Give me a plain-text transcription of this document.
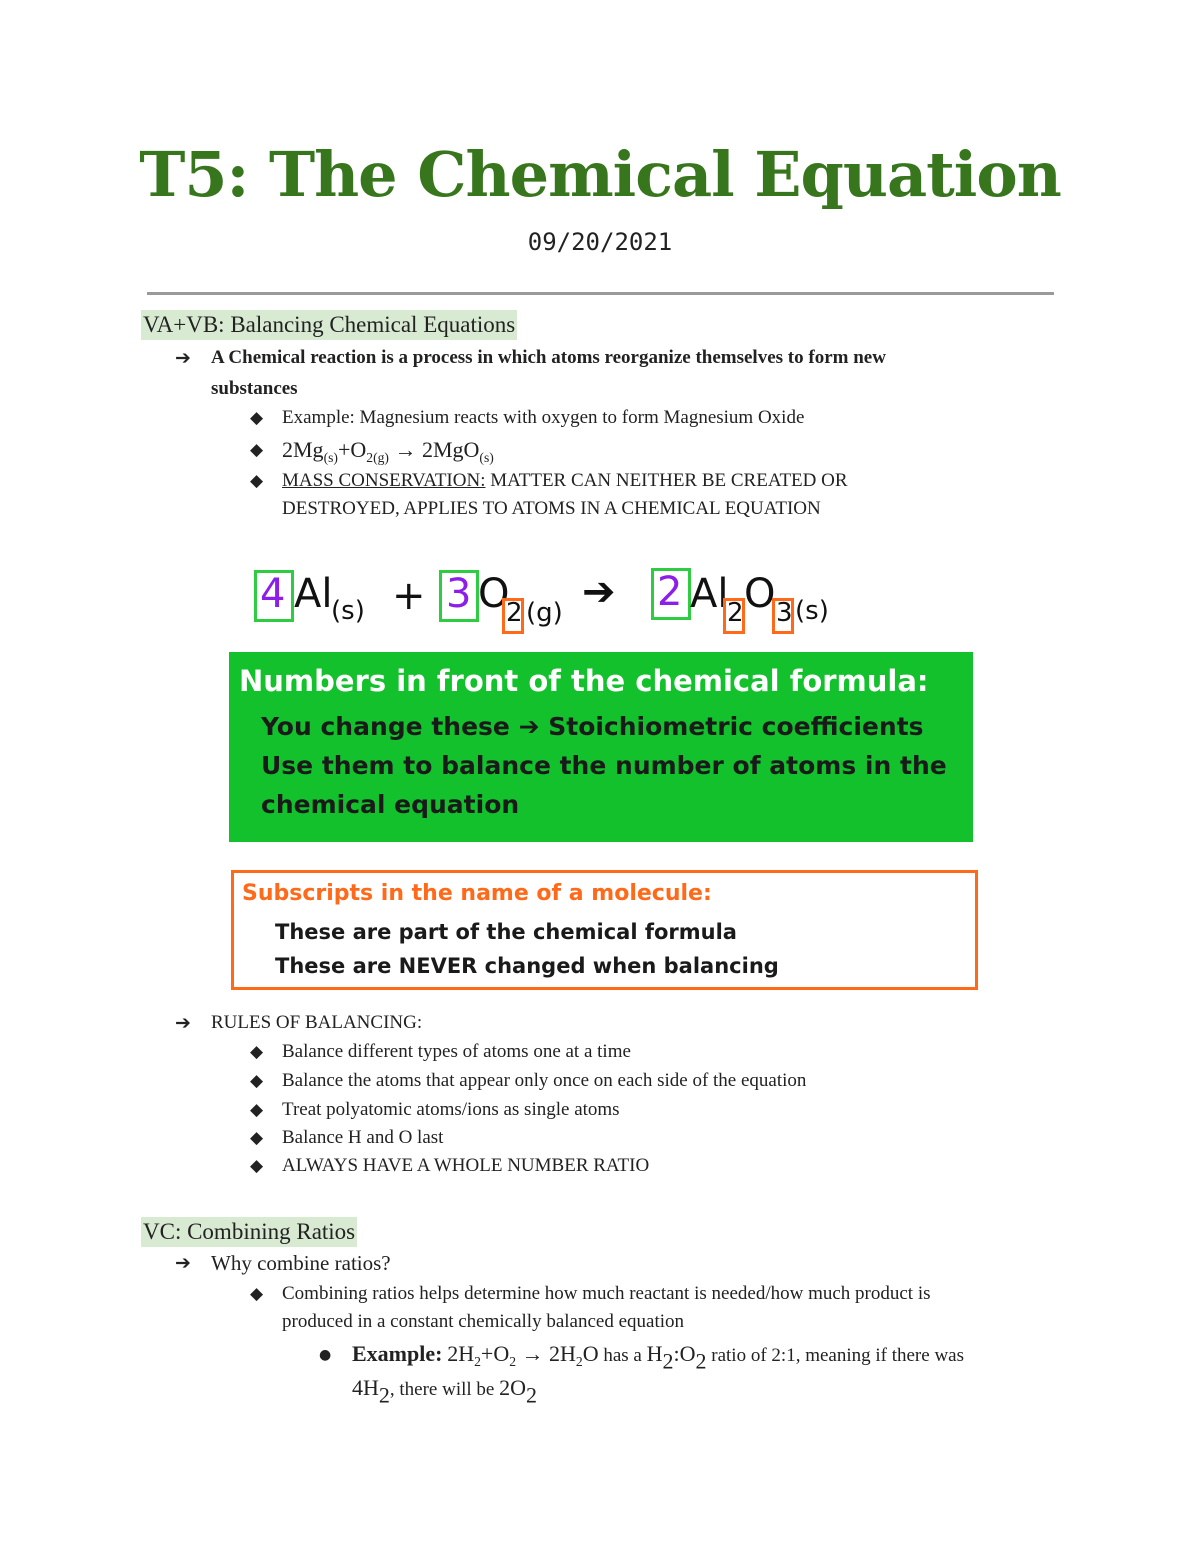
T5: The Chemical Equation
09/20/2021
VA+VB: Balancing Chemical Equations
➔ A Chemical reaction is a process in which atoms reorganize themselves to form new
substances
◆ Example: Magnesium reacts with oxygen to form Magnesium Oxide
◆ $2Mg_{(s)}+O_{2(g)} \to 2MgO_{(s)}$
◆ MASS CONSERVATION: MATTER CAN NEITHER BE CREATED OR
DESTROYED, APPLIES TO ATOMS IN A CHEMICAL EQUATION
4 Al
(s) + 3 O
2 (g) ➔ 2 Al
2 O 3 (s)
Numbers in front of the chemical formula:
You change these ➔ Stoichiometric coefficients
Use them to balance the number of atoms in the
chemical equation
Subscripts in the name of a molecule:
These are part of the chemical formula
These are NEVER changed when balancing
➔ RULES OF BALANCING:
◆ Balance different types of atoms one at a time
◆ Balance the atoms that appear only once on each side of the equation
◆ Treat polyatomic atoms/ions as single atoms
◆ Balance H and O last
◆ ALWAYS HAVE A WHOLE NUMBER RATIO
VC: Combining Ratios
➔ Why combine ratios?
◆ Combining ratios helps determine how much reactant is needed/how much product is
produced in a constant chemically balanced equation
● Example: $2H_2+O_2 \to 2H_2O$ has a $H_2:O_2$ ratio of 2:1, meaning if there was
$4H_2$, there will be $2O_2$
